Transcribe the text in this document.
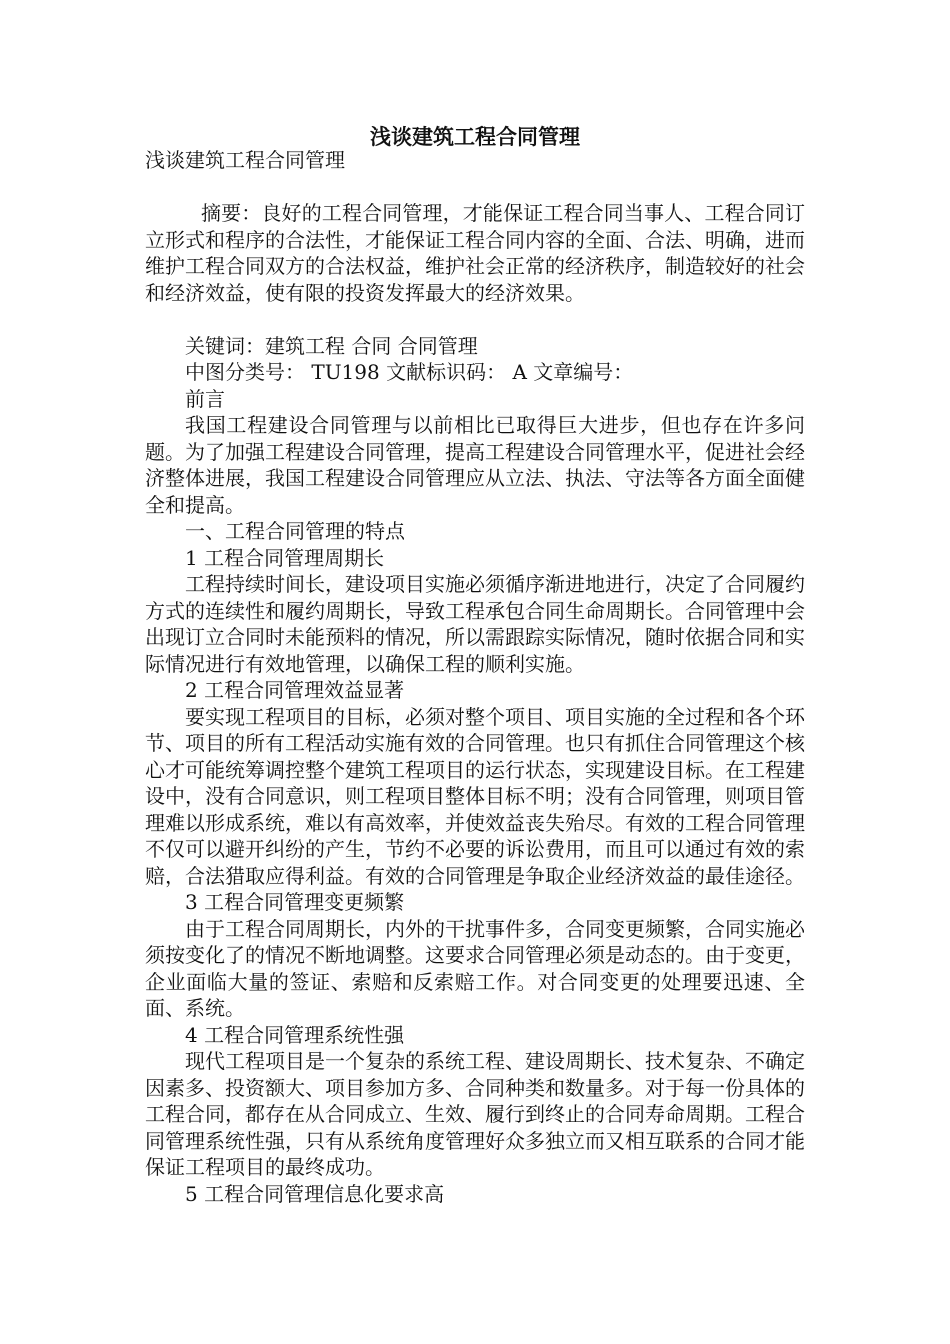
浅谈建筑工程合同管理

浅谈建筑工程合同管理

摘要：良好的工程合同管理，才能保证工程合同当事人、工程合同订立形式和程序的合法性，才能保证工程合同内容的全面、合法、明确，进而维护工程合同双方的合法权益，维护社会正常的经济秩序，制造较好的社会和经济效益，使有限的投资发挥最大的经济效果。

关键词：建筑工程 合同 合同管理

中图分类号： TU198 文献标识码： A 文章编号：

前言

我国工程建设合同管理与以前相比已取得巨大进步，但也存在许多问题。为了加强工程建设合同管理，提高工程建设合同管理水平，促进社会经济整体进展，我国工程建设合同管理应从立法、执法、守法等各方面全面健全和提高。

一、工程合同管理的特点

1 工程合同管理周期长

工程持续时间长，建设项目实施必须循序渐进地进行，决定了合同履约方式的连续性和履约周期长，导致工程承包合同生命周期长。合同管理中会出现订立合同时未能预料的情况，所以需跟踪实际情况，随时依据合同和实际情况进行有效地管理，以确保工程的顺利实施。

2 工程合同管理效益显著

要实现工程项目的目标，必须对整个项目、项目实施的全过程和各个环节、项目的所有工程活动实施有效的合同管理。也只有抓住合同管理这个核心才可能统筹调控整个建筑工程项目的运行状态，实现建设目标。在工程建设中，没有合同意识，则工程项目整体目标不明；没有合同管理，则项目管理难以形成系统，难以有高效率，并使效益丧失殆尽。有效的工程合同管理不仅可以避开纠纷的产生，节约不必要的诉讼费用，而且可以通过有效的索赔，合法猎取应得利益。有效的合同管理是争取企业经济效益的最佳途径。

3 工程合同管理变更频繁

由于工程合同周期长，内外的干扰事件多，合同变更频繁，合同实施必须按变化了的情况不断地调整。这要求合同管理必须是动态的。由于变更，企业面临大量的签证、索赔和反索赔工作。对合同变更的处理要迅速、全面、系统。

4 工程合同管理系统性强

现代工程项目是一个复杂的系统工程、建设周期长、技术复杂、不确定因素多、投资额大、项目参加方多、合同种类和数量多。对于每一份具体的工程合同，都存在从合同成立、生效、履行到终止的合同寿命周期。工程合同管理系统性强，只有从系统角度管理好众多独立而又相互联系的合同才能保证工程项目的最终成功。

5 工程合同管理信息化要求高
